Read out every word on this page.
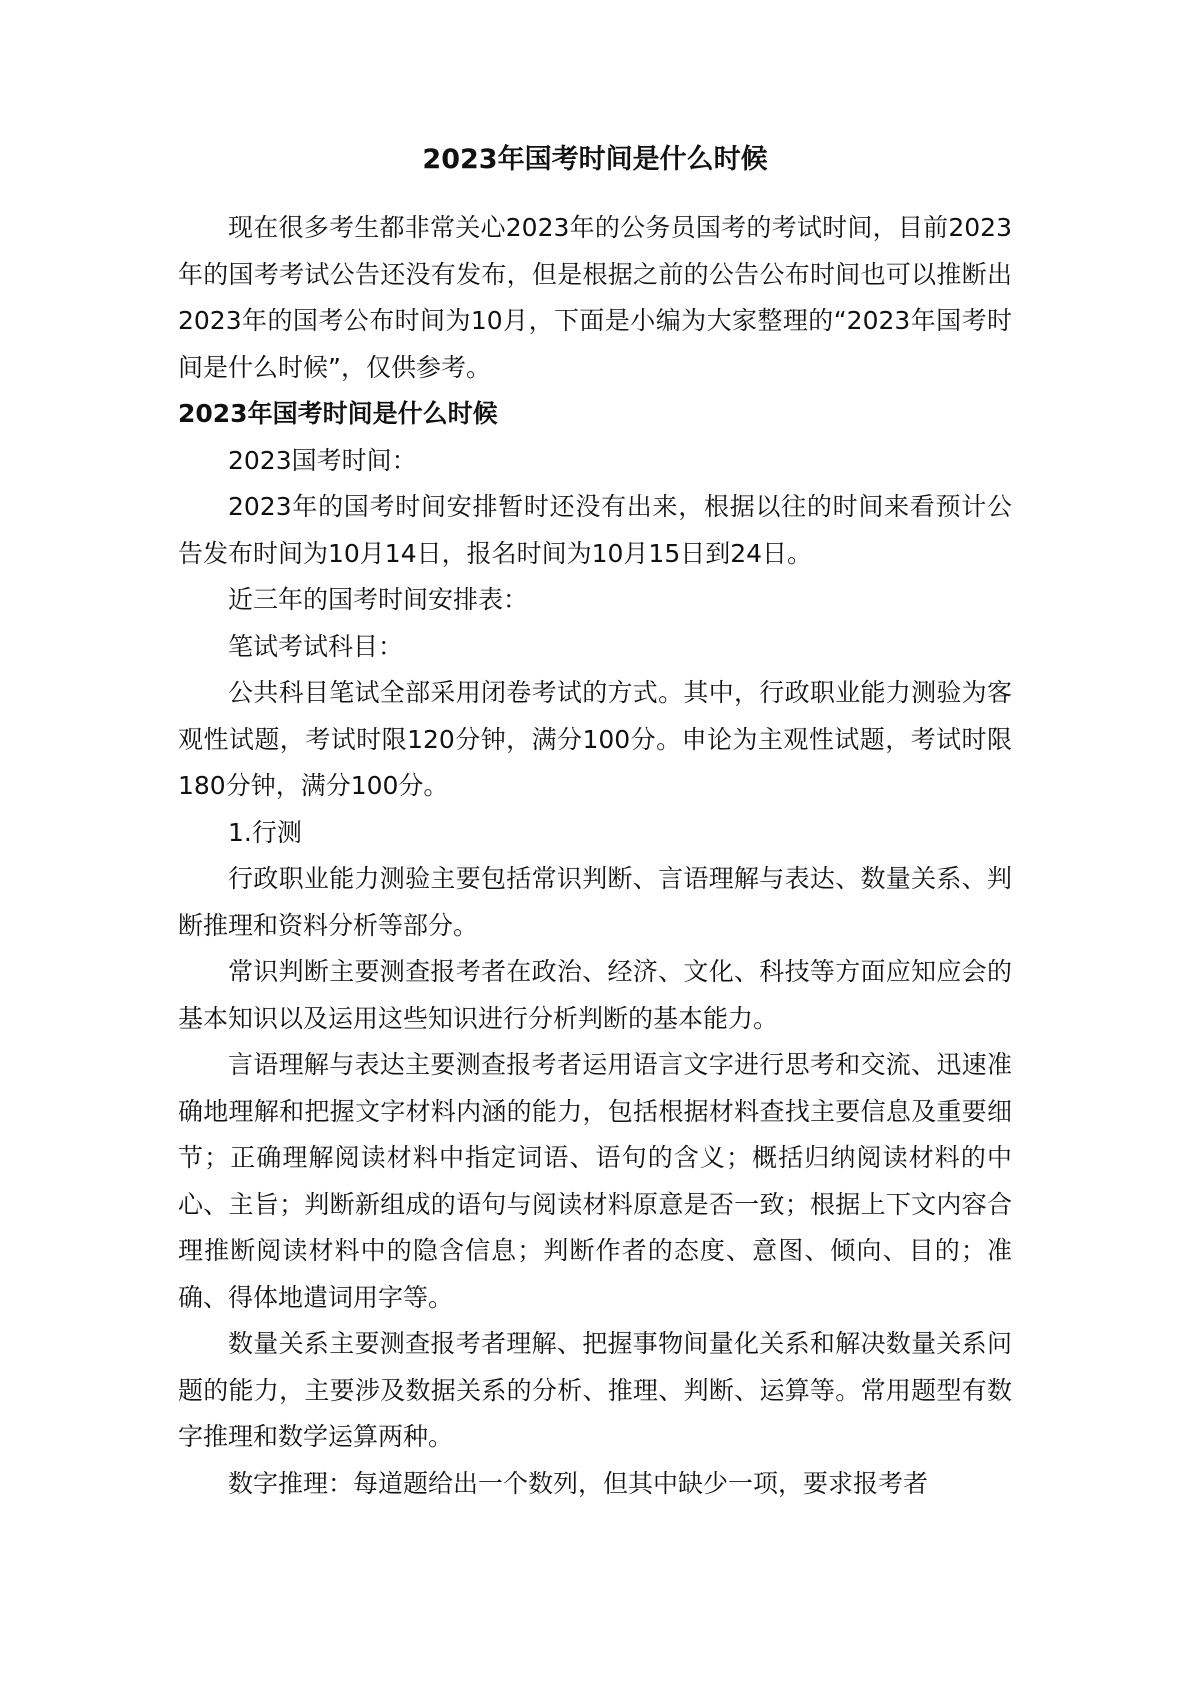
2023年国考时间是什么时候

现在很多考生都非常关心2023年的公务员国考的考试时间，目前2023年的国考考试公告还没有发布，但是根据之前的公告公布时间也可以推断出2023年的国考公布时间为10月，下面是小编为大家整理的“2023年国考时间是什么时候”，仅供参考。

2023年国考时间是什么时候

2023国考时间：

2023年的国考时间安排暂时还没有出来，根据以往的时间来看预计公告发布时间为10月14日，报名时间为10月15日到24日。

近三年的国考时间安排表：

笔试考试科目：

公共科目笔试全部采用闭卷考试的方式。其中，行政职业能力测验为客观性试题，考试时限120分钟，满分100分。申论为主观性试题，考试时限180分钟，满分100分。

1.行测

行政职业能力测验主要包括常识判断、言语理解与表达、数量关系、判断推理和资料分析等部分。

常识判断主要测查报考者在政治、经济、文化、科技等方面应知应会的基本知识以及运用这些知识进行分析判断的基本能力。

言语理解与表达主要测查报考者运用语言文字进行思考和交流、迅速准确地理解和把握文字材料内涵的能力，包括根据材料查找主要信息及重要细节；正确理解阅读材料中指定词语、语句的含义；概括归纳阅读材料的中心、主旨；判断新组成的语句与阅读材料原意是否一致；根据上下文内容合理推断阅读材料中的隐含信息；判断作者的态度、意图、倾向、目的；准确、得体地遣词用字等。

数量关系主要测查报考者理解、把握事物间量化关系和解决数量关系问题的能力，主要涉及数据关系的分析、推理、判断、运算等。常用题型有数字推理和数学运算两种。

数字推理：每道题给出一个数列，但其中缺少一项，要求报考者
